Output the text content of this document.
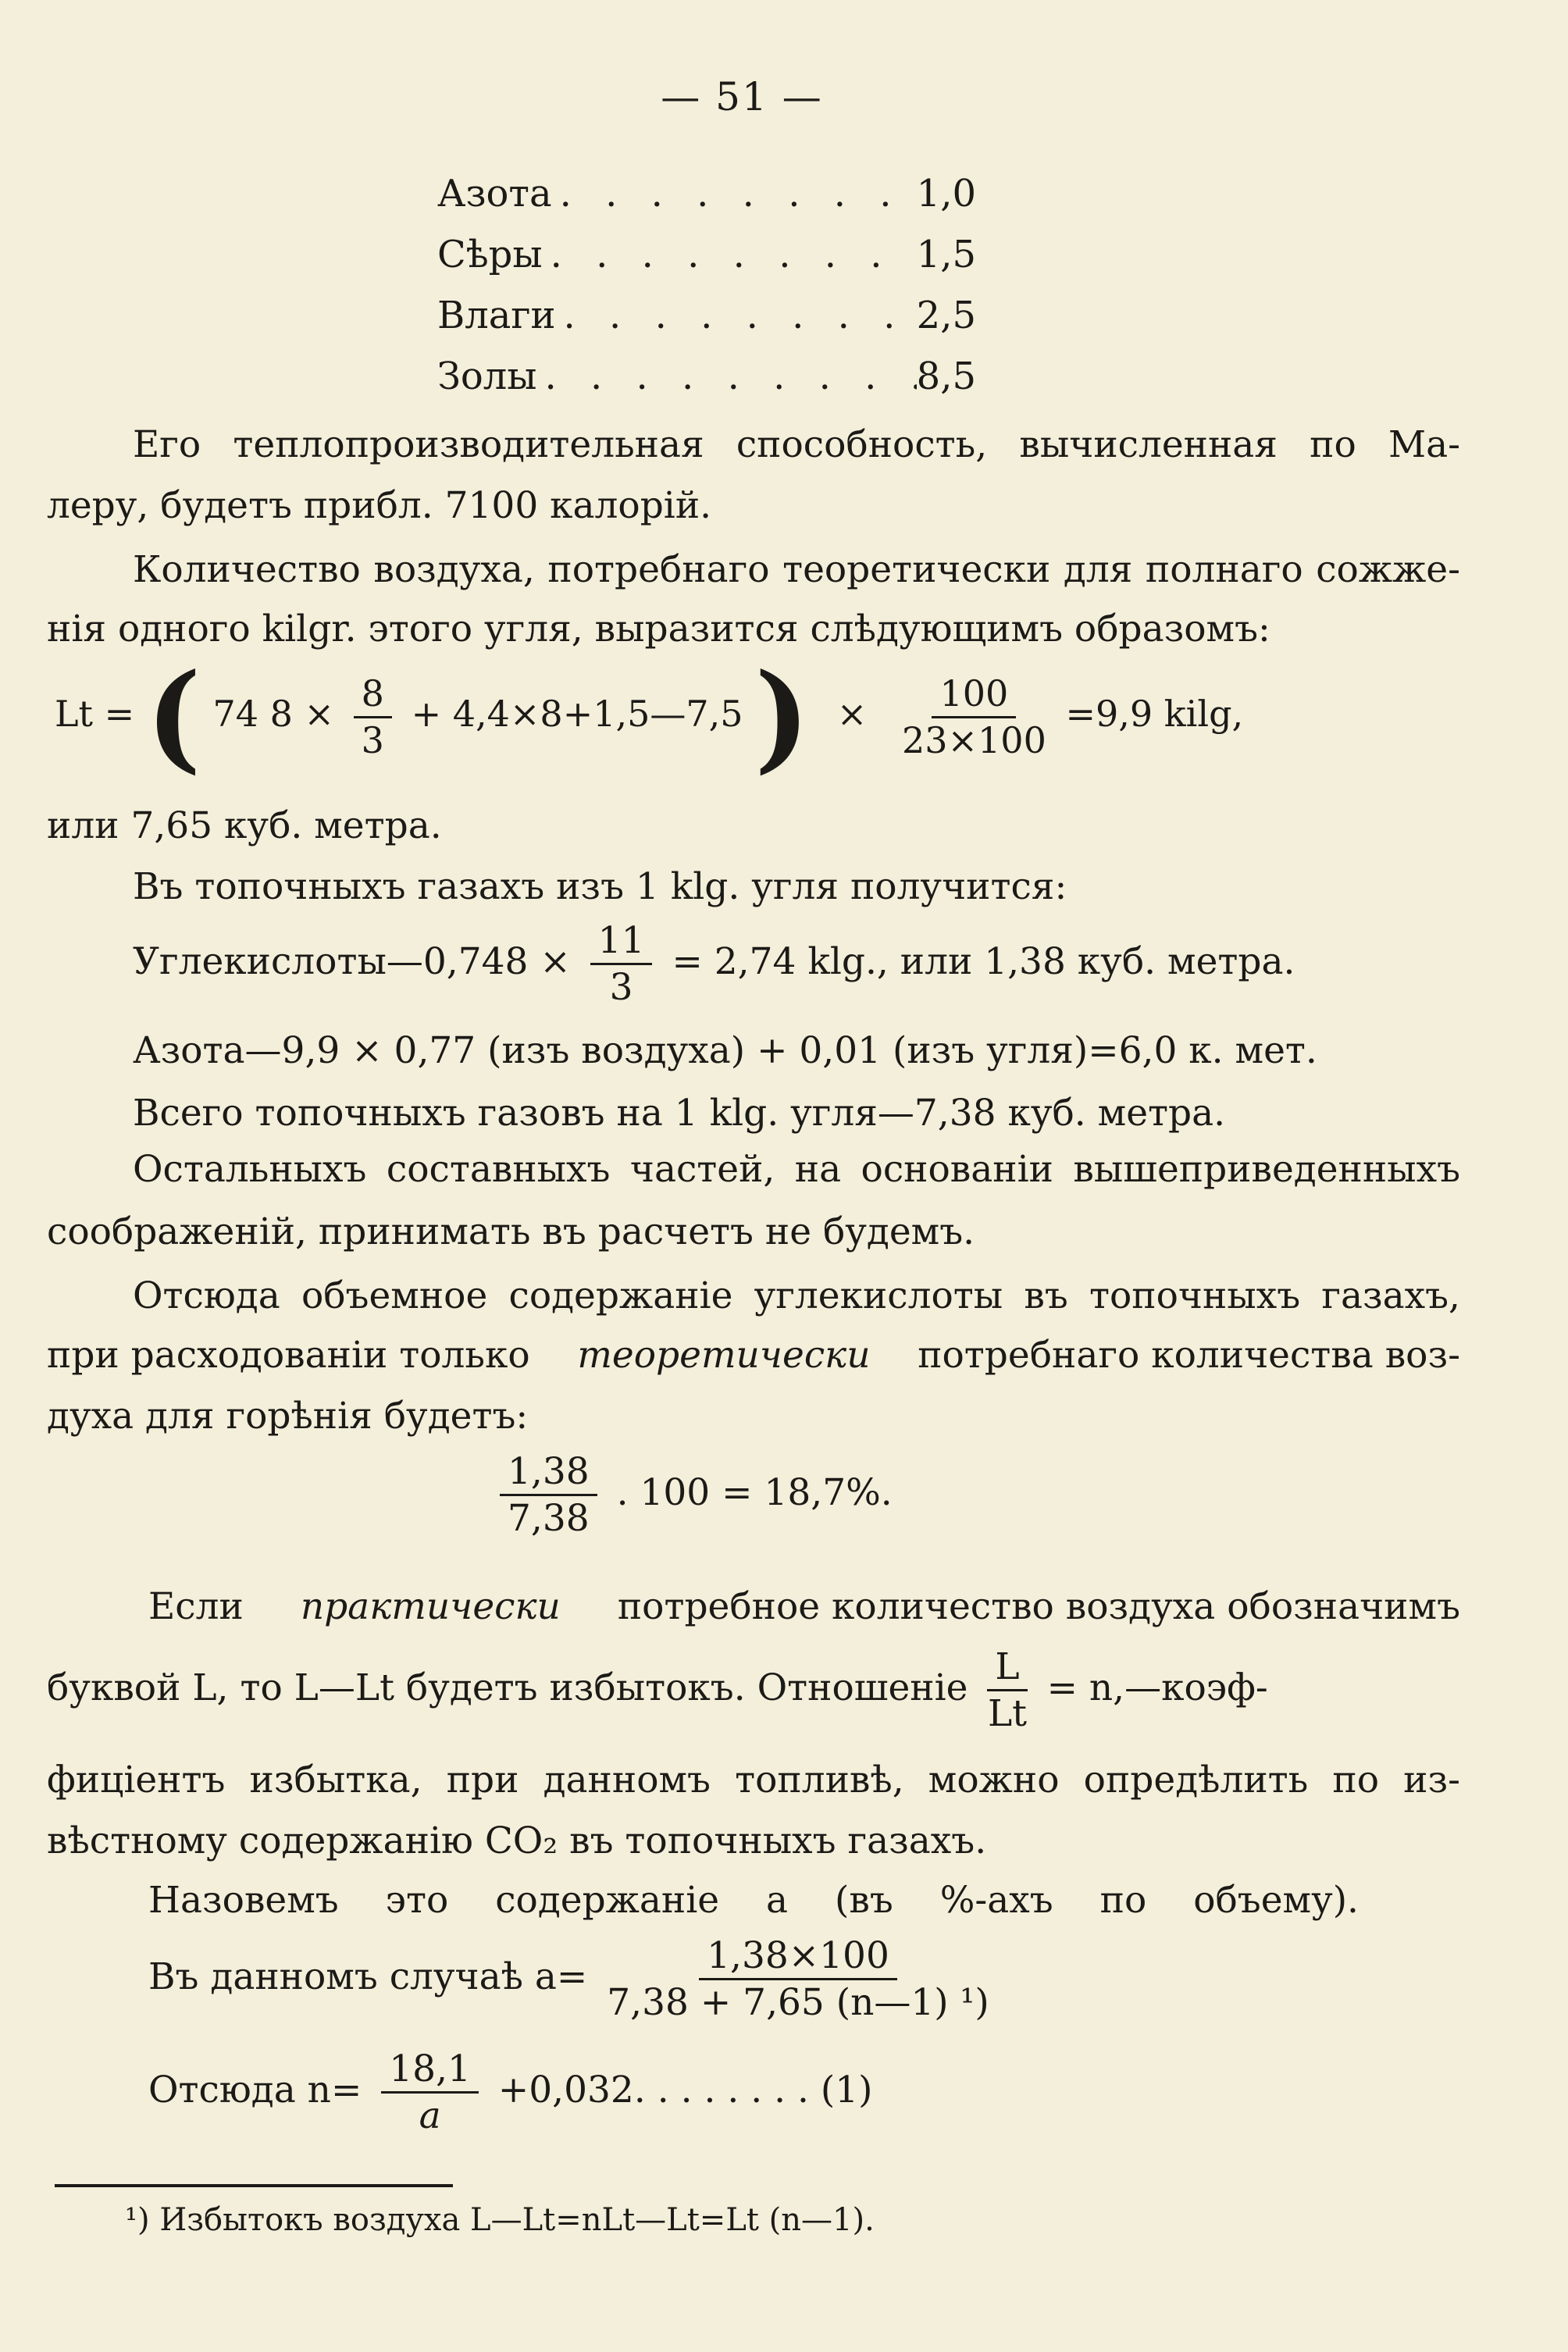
— 51 —
Азота . . .	1,0
Сѣры . . .	1,5
Влаги . . .	2,5
Золы . . .	8,5
Его теплопроизводительная способность, вычисленная по Ма-
леру, будетъ прибл. 7100 калорій.
Количество воздуха, потребнаго теоретически для полнаго сожже-
нія одного kilgr. этого угля, выразится слѣдующимъ образомъ:
Lt = ( 74 $8 \times \frac{8}{3}$ + 4,4×8+1,5—7,5 ) × $\frac{100}{23\times 100} =9,9$ kilg,
или 7,65 куб. метра.
Въ топочныхъ газахъ изъ 1 klg. угля получится:
Углекислоты—0,748 × $\frac{11}{3} = 2,74$ klg., или 1,38 куб. метра.
Азота—9,9 × 0,77 (изъ воздуха) + 0,01 (изъ угля)=6,0 к. мет.
Всего топочныхъ газовъ на 1 klg. угля—7,38 куб. метра.
Остальныхъ составныхъ частей, на основаніи вышеприведенныхъ
соображеній, принимать въ расчетъ не будемъ.
Отсюда объемное содержаніе углекислоты въ топочныхъ газахъ,
при расходованіи только теоретически потребнаго количества воз-
духа для горѣнія будетъ:
$\frac{1,38}{7,38}$ . 100 = 18,7%.
Если практически потребное количество воздуха обозначимъ
буквой L, то L—Lt будетъ избытокъ. Отношеніе $\frac{L}{Lt}$ = n,—коэф-
фиціентъ избытка, при данномъ топливѣ, можно опредѣлить по из-
вѣстному содержанію CO₂ въ топочныхъ газахъ.
Назовемъ это содержаніе a (въ %-ахъ по объему).
Въ данномъ случаѣ $a= \frac{1,38\times 100}{\text{7,38 + 7,65 (n—1) ¹)}}$
Отсюда $n= \frac{18,1}{a} +0,032$. . . . . . . . (1)
¹) Избытокъ воздуха L—Lt=nLt—Lt=Lt (n—1).
